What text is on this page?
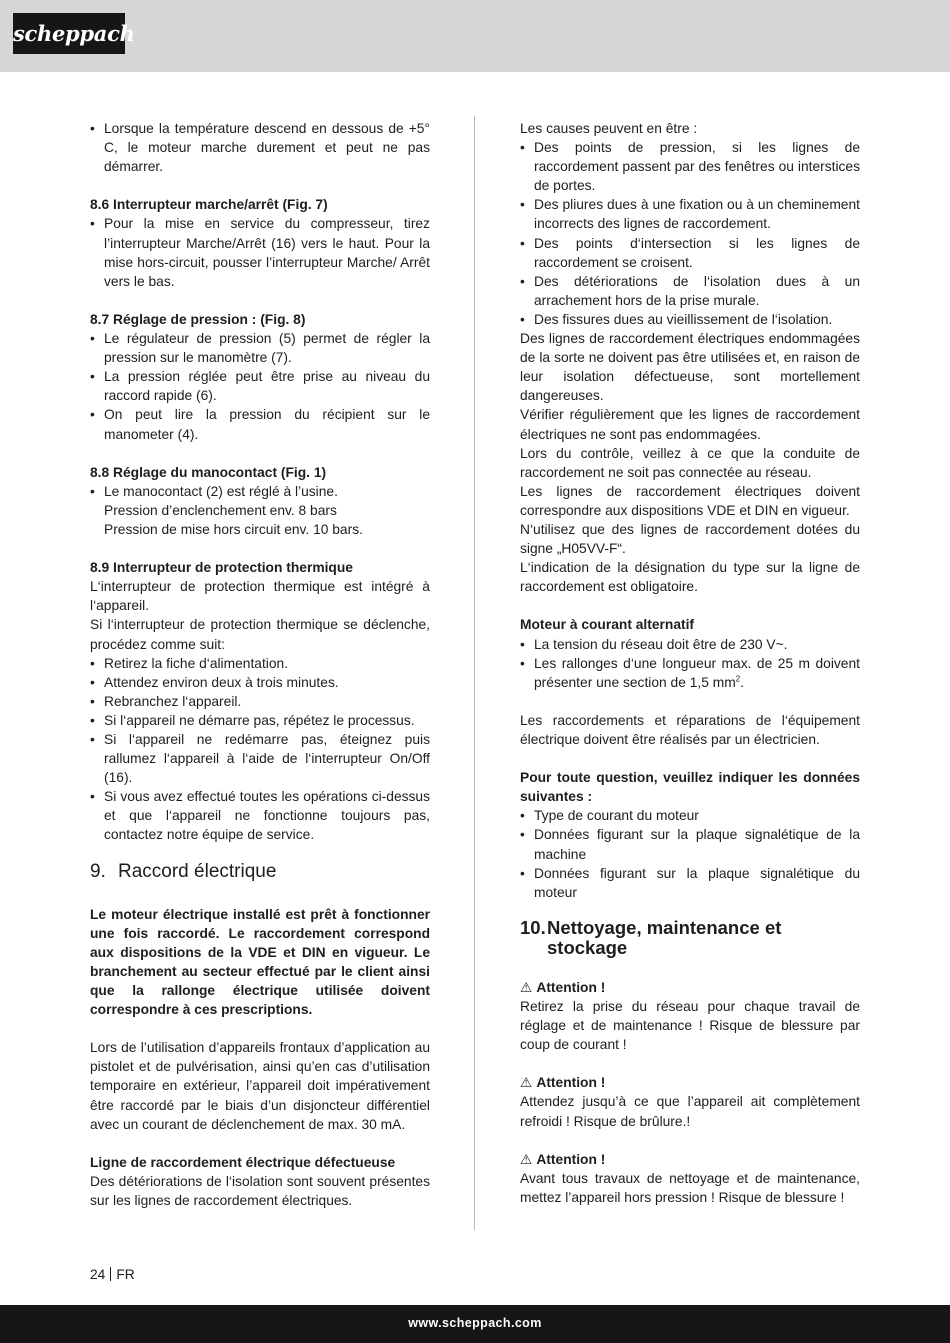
scheppach
• Lorsque la température descend en dessous de +5° C, le moteur marche durement et peut ne pas démarrer.

8.6 Interrupteur marche/arrêt (Fig. 7)

• Pour la mise en service du compresseur, tirez l’interrupteur Marche/Arrêt (16) vers le haut. Pour la mise hors-circuit, pousser l’interrupteur Marche/ Arrêt vers le bas.

8.7 Réglage de pression : (Fig. 8)

• Le régulateur de pression (5) permet de régler la pression sur le manomètre (7).
• La pression réglée peut être prise au niveau du raccord rapide (6).
• On peut lire la pression du récipient sur le manometer (4).

8.8 Réglage du manocontact (Fig. 1)

• Le manocontact (2) est réglé à l’usine.

Pression d’enclenchement env. 8 bars

Pression de mise hors circuit env. 10 bars.

8.9 Interrupteur de protection thermique

L‘interrupteur de protection thermique est intégré à l‘appareil.

Si l‘interrupteur de protection thermique se déclenche, procédez comme suit:

• Retirez la fiche d‘alimentation.
• Attendez environ deux à trois minutes.
• Rebranchez l‘appareil.
• Si l‘appareil ne démarre pas, répétez le processus.
• Si l‘appareil ne redémarre pas, éteignez puis rallumez l‘appareil à l‘aide de l‘interrupteur On/Off (16).
• Si vous avez effectué toutes les opérations ci-dessus et que l‘appareil ne fonctionne toujours pas, contactez notre équipe de service.
9. Raccord électrique

Le moteur électrique installé est prêt à fonctionner une fois raccordé. Le raccordement correspond aux dispositions de la VDE et DIN en vigueur. Le branchement au secteur effectué par le client ainsi que la rallonge électrique utilisée doivent correspondre à ces prescriptions.

Lors de l’utilisation d’appareils frontaux d’application au pistolet et de pulvérisation, ainsi qu’en cas d’utilisation temporaire en extérieur, l’appareil doit impérativement être raccordé par le biais d’un disjoncteur différentiel avec un courant de déclenchement de max. 30 mA.

Ligne de raccordement électrique défectueuse

Des détériorations de l‘isolation sont souvent présentes sur les lignes de raccordement électriques.

Les causes peuvent en être :

• Des points de pression, si les lignes de raccordement passent par des fenêtres ou interstices de portes.
• Des pliures dues à une fixation ou à un cheminement incorrects des lignes de raccordement.
• Des points d‘intersection si les lignes de raccordement se croisent.
• Des détériorations de l‘isolation dues à un arrachement hors de la prise murale.
• Des fissures dues au vieillissement de l‘isolation.

Des lignes de raccordement électriques endommagées de la sorte ne doivent pas être utilisées et, en raison de leur isolation défectueuse, sont mortellement dangereuses.

Vérifier régulièrement que les lignes de raccordement électriques ne sont pas endommagées.

Lors du contrôle, veillez à ce que la conduite de raccordement ne soit pas connectée au réseau.

Les lignes de raccordement électriques doivent correspondre aux dispositions VDE et DIN en vigueur.

N‘utilisez que des lignes de raccordement dotées du signe „H05VV-F“.

L‘indication de la désignation du type sur la ligne de raccordement est obligatoire.

Moteur à courant alternatif

• La tension du réseau doit être de 230 V~.
• Les rallonges d‘une longueur max. de 25 m doivent présenter une section de 1,5 $mm^2$.

Les raccordements et réparations de l‘équipement électrique doivent être réalisés par un électricien.

Pour toute question, veuillez indiquer les données suivantes :

• Type de courant du moteur
• Données figurant sur la plaque signalétique de la machine
• Données figurant sur la plaque signalétique du moteur
10. Nettoyage, maintenance et stockage

⚠ Attention !

Retirez la prise du réseau pour chaque travail de réglage et de maintenance ! Risque de blessure par coup de courant !

⚠ Attention !

Attendez jusqu’à ce que l’appareil ait complètement refroidi ! Risque de brûlure.!

⚠ Attention !

Avant tous travaux de nettoyage et de maintenance, mettez l’appareil hors pression ! Risque de blessure !

24 FR
www.scheppach.com
